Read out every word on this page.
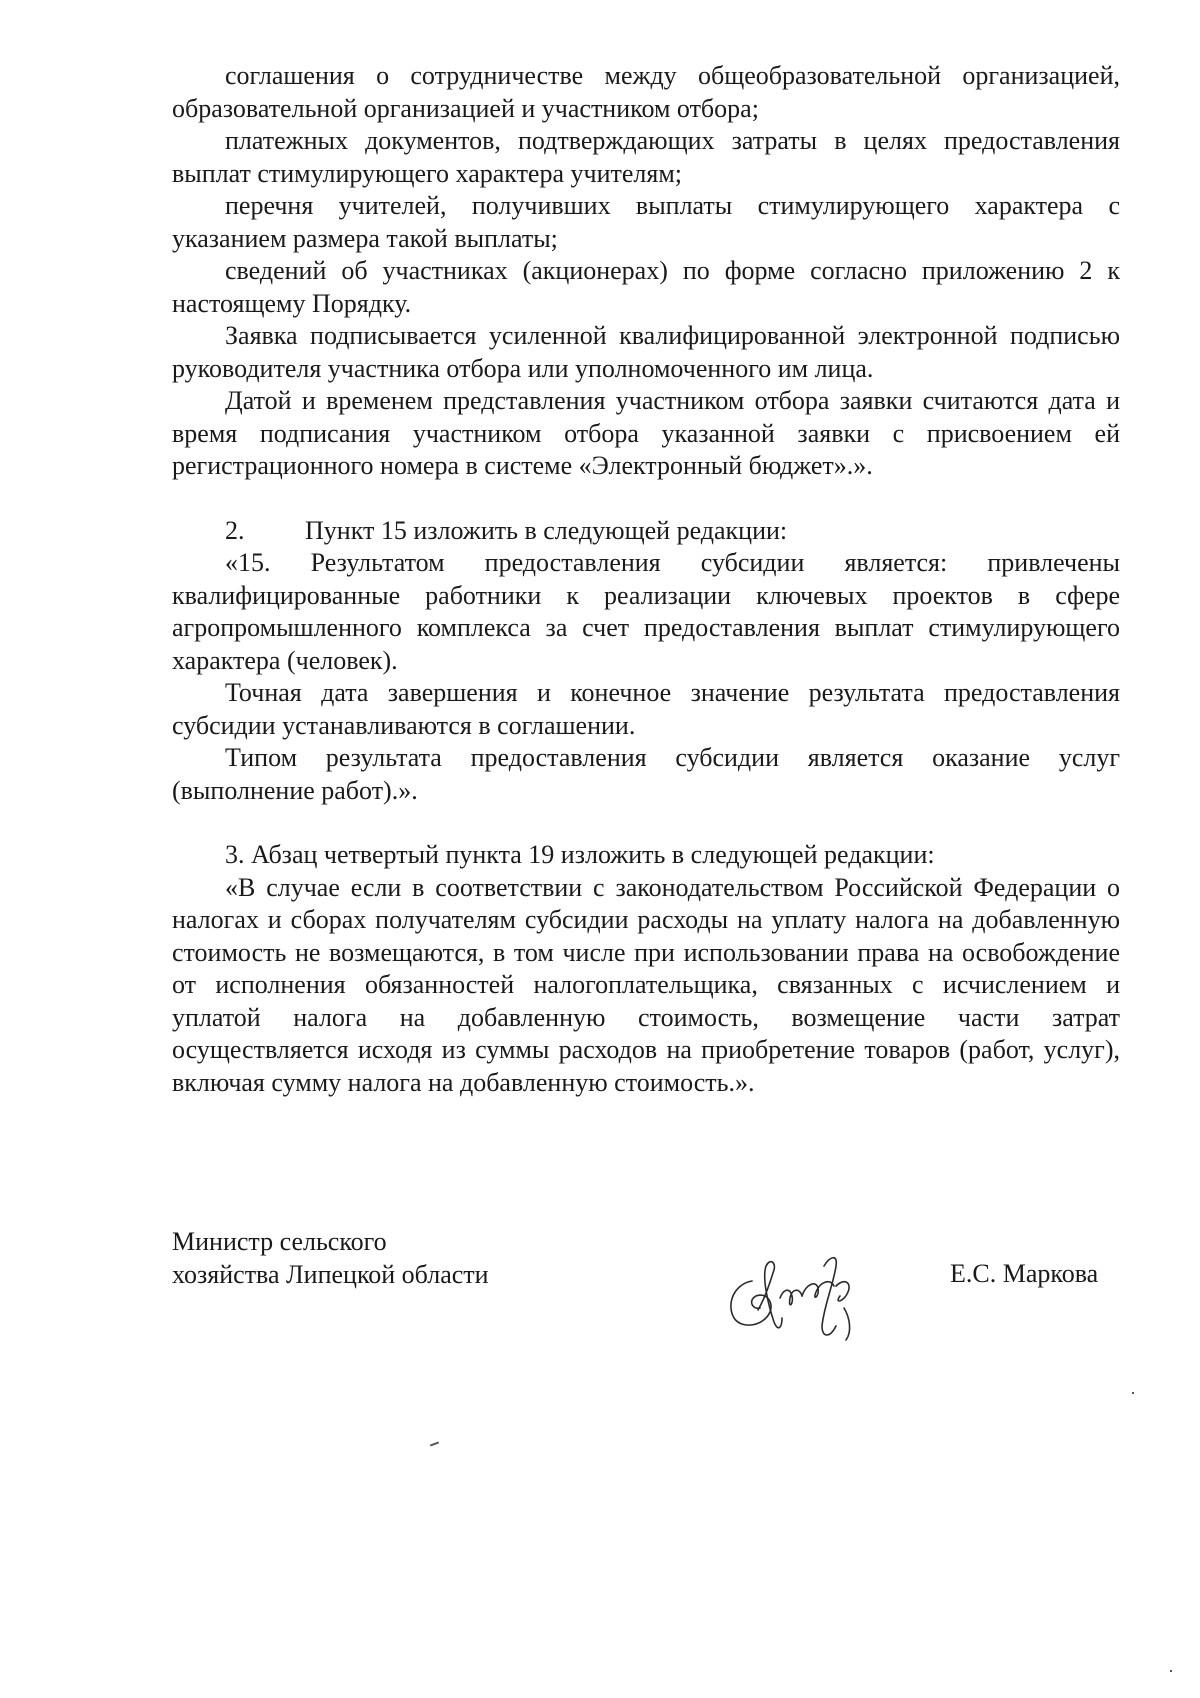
соглашения о сотрудничестве между общеобразовательной организацией, образовательной организацией и участником отбора;

платежных документов, подтверждающих затраты в целях предоставления выплат стимулирующего характера учителям;

перечня учителей, получивших выплаты стимулирующего характера с указанием размера такой выплаты;

сведений об участниках (акционерах) по форме согласно приложению 2 к настоящему Порядку.

Заявка подписывается усиленной квалифицированной электронной подписью руководителя участника отбора или уполномоченного им лица.

Датой и временем представления участником отбора заявки считаются дата и время подписания участником отбора указанной заявки с присвоением ей регистрационного номера в системе «Электронный бюджет».».

2. Пункт 15 изложить в следующей редакции:

«15. Результатом предоставления субсидии является: привлечены квалифицированные работники к реализации ключевых проектов в сфере агропромышленного комплекса за счет предоставления выплат стимулирующего характера (человек).

Точная дата завершения и конечное значение результата предоставления субсидии устанавливаются в соглашении.

Типом результата предоставления субсидии является оказание услуг (выполнение работ).».

3. Абзац четвертый пункта 19 изложить в следующей редакции:

«В случае если в соответствии с законодательством Российской Федерации о налогах и сборах получателям субсидии расходы на уплату налога на добавленную стоимость не возмещаются, в том числе при использовании права на освобождение от исполнения обязанностей налогоплательщика, связанных с исчислением и уплатой налога на добавленную стоимость, возмещение части затрат осуществляется исходя из суммы расходов на приобретение товаров (работ, услуг), включая сумму налога на добавленную стоимость.».

Министр сельского
хозяйства Липецкой области	Е.С. Маркова
